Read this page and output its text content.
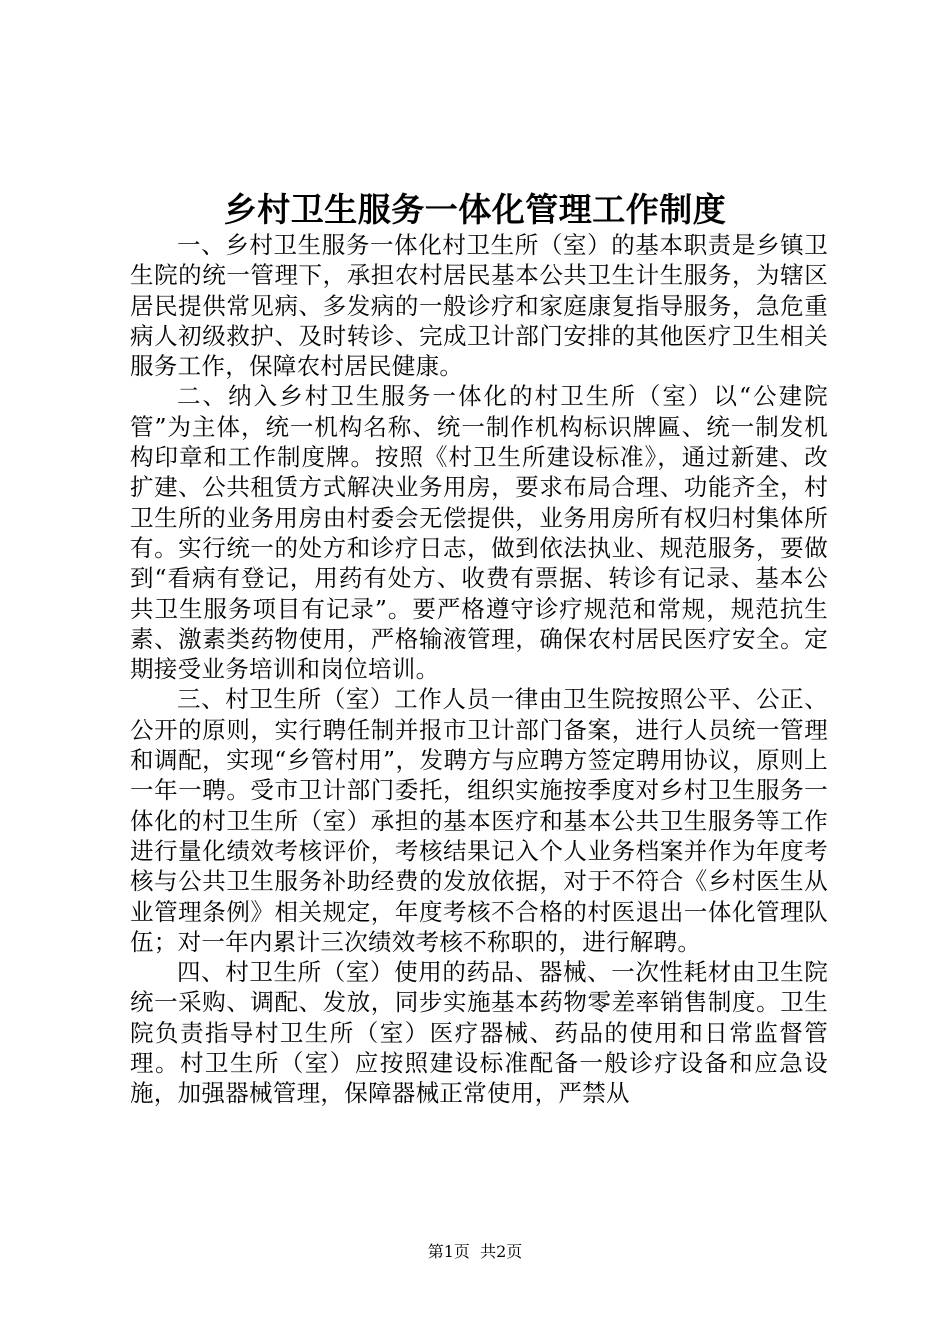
乡村卫生服务一体化管理工作制度

一、乡村卫生服务一体化村卫生所（室）的基本职责是乡镇卫生院的统一管理下，承担农村居民基本公共卫生计生服务，为辖区居民提供常见病、多发病的一般诊疗和家庭康复指导服务，急危重病人初级救护、及时转诊、完成卫计部门安排的其他医疗卫生相关服务工作，保障农村居民健康。

二、纳入乡村卫生服务一体化的村卫生所（室）以“公建院管”为主体，统一机构名称、统一制作机构标识牌匾、统一制发机构印章和工作制度牌。按照《村卫生所建设标准》，通过新建、改扩建、公共租赁方式解决业务用房，要求布局合理、功能齐全，村卫生所的业务用房由村委会无偿提供，业务用房所有权归村集体所有。实行统一的处方和诊疗日志，做到依法执业、规范服务，要做到“看病有登记，用药有处方、收费有票据、转诊有记录、基本公共卫生服务项目有记录”。要严格遵守诊疗规范和常规，规范抗生素、激素类药物使用，严格输液管理，确保农村居民医疗安全。定期接受业务培训和岗位培训。

三、村卫生所（室）工作人员一律由卫生院按照公平、公正、公开的原则，实行聘任制并报市卫计部门备案，进行人员统一管理和调配，实现“乡管村用”，发聘方与应聘方签定聘用协议，原则上一年一聘。受市卫计部门委托，组织实施按季度对乡村卫生服务一体化的村卫生所（室）承担的基本医疗和基本公共卫生服务等工作进行量化绩效考核评价，考核结果记入个人业务档案并作为年度考核与公共卫生服务补助经费的发放依据，对于不符合《乡村医生从业管理条例》相关规定，年度考核不合格的村医退出一体化管理队伍；对一年内累计三次绩效考核不称职的，进行解聘。

四、村卫生所（室）使用的药品、器械、一次性耗材由卫生院统一采购、调配、发放，同步实施基本药物零差率销售制度。卫生院负责指导村卫生所（室）医疗器械、药品的使用和日常监督管理。村卫生所（室）应按照建设标准配备一般诊疗设备和应急设施，加强器械管理，保障器械正常使用，严禁从

第1页 共2页
